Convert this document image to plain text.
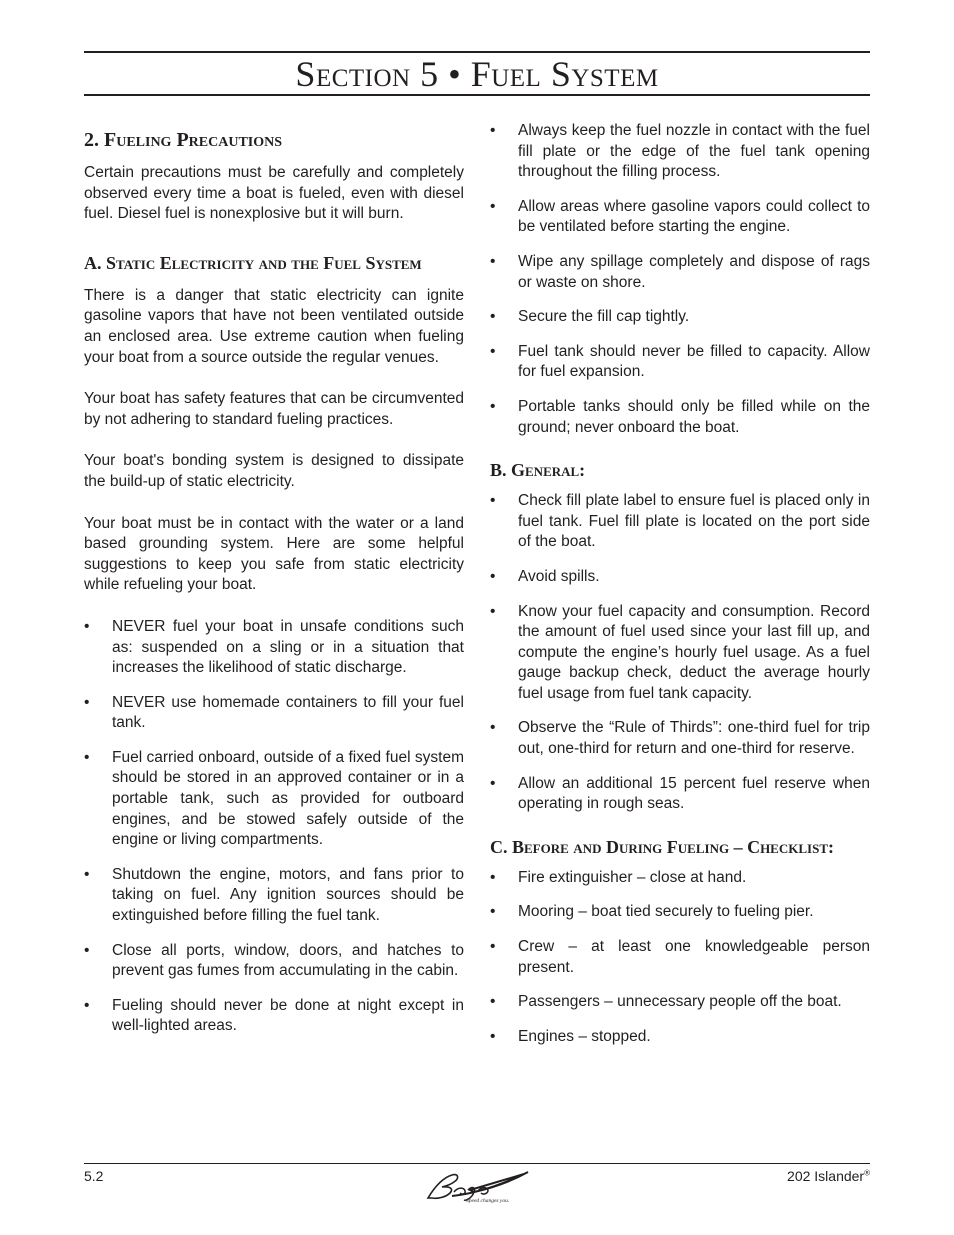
Section 5 • Fuel System
2. Fueling Precautions

Certain precautions must be carefully and completely observed every time a boat is fueled, even with diesel fuel. Diesel fuel is nonexplosive but it will burn.

A. Static Electricity and the Fuel System

There is a danger that static electricity can ignite gasoline vapors that have not been ventilated outside an enclosed area. Use extreme caution when fueling your boat from a source outside the regular venues.

Your boat has safety features that can be circumvented by not adhering to standard fueling practices.

Your boat's bonding system is designed to dissipate the build-up of static electricity.

Your boat must be in contact with the water or a land based grounding system. Here are some helpful suggestions to keep you safe from static electricity while refueling your boat.

• NEVER fuel your boat in unsafe conditions such as: suspended on a sling or in a situation that increases the likelihood of static discharge.
• NEVER use homemade containers to fill your fuel tank.
• Fuel carried onboard, outside of a fixed fuel system should be stored in an approved container or in a portable tank, such as provided for outboard engines, and be stowed safely outside of the engine or living compartments.
• Shutdown the engine, motors, and fans prior to taking on fuel. Any ignition sources should be extinguished before filling the fuel tank.
• Close all ports, window, doors, and hatches to prevent gas fumes from accumulating in the cabin.
• Fueling should never be done at night except in well-lighted areas.
• Always keep the fuel nozzle in contact with the fuel fill plate or the edge of the fuel tank opening throughout the filling process.
• Allow areas where gasoline vapors could collect to be ventilated before starting the engine.
• Wipe any spillage completely and dispose of rags or waste on shore.
• Secure the fill cap tightly.
• Fuel tank should never be filled to capacity. Allow for fuel expansion.
• Portable tanks should only be filled while on the ground; never onboard the boat.
B. General:
• Check fill plate label to ensure fuel is placed only in fuel tank. Fuel fill plate is located on the port side of the boat.
• Avoid spills.
• Know your fuel capacity and consumption. Record the amount of fuel used since your last fill up, and compute the engine’s hourly fuel usage. As a fuel gauge backup check, deduct the average hourly fuel usage from fuel tank capacity.
• Observe the “Rule of Thirds”: one-third fuel for trip out, one-third for return and one-third for reserve.
• Allow an additional 15 percent fuel reserve when operating in rough seas.
C. Before and During Fueling – Checklist:
• Fire extinguisher – close at hand.
• Mooring – boat tied securely to fueling pier.
• Crew – at least one knowledgeable person present.
• Passengers – unnecessary people off the boat.
• Engines – stopped.
5.2
Speed changes you.
202 Islander®
